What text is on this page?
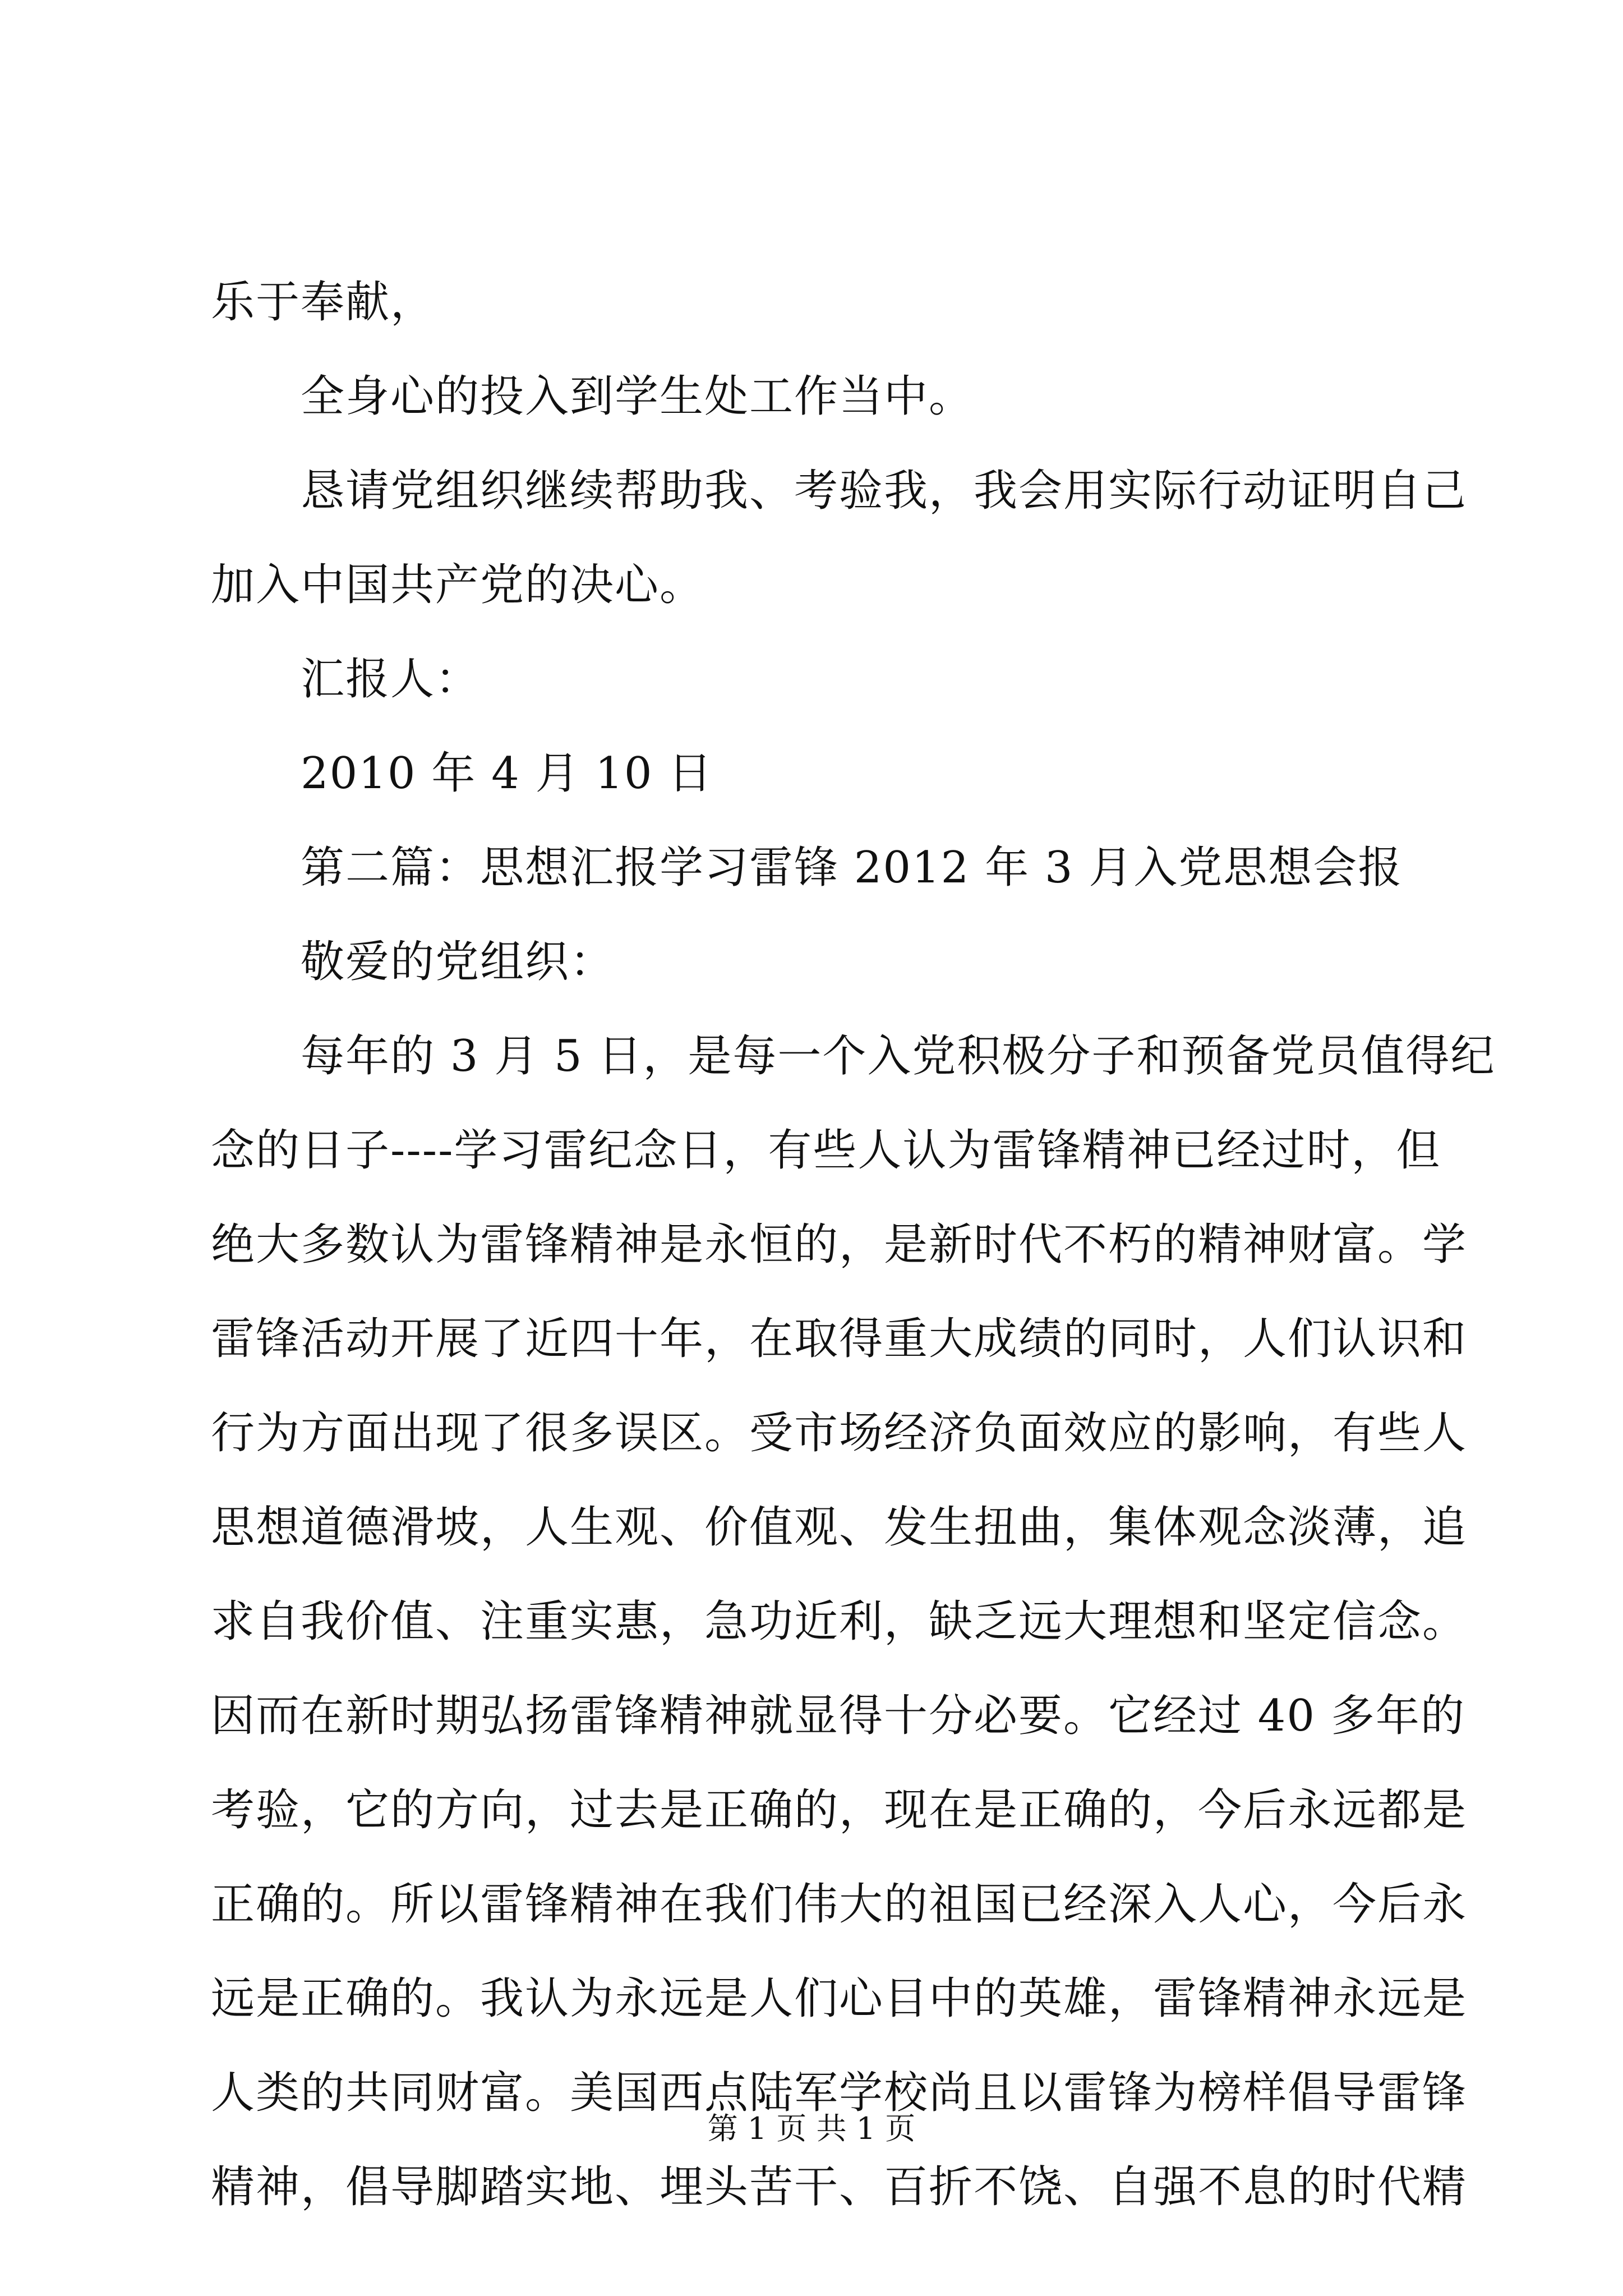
乐于奉献，
全身心的投入到学生处工作当中。
恳请党组织继续帮助我、考验我，我会用实际行动证明自己
加入中国共产党的决心。
汇报人：
2010 年 4 月 10 日
第二篇：思想汇报学习雷锋 2012 年 3 月入党思想会报
敬爱的党组织：
每年的 3 月 5 日，是每一个入党积极分子和预备党员值得纪
念的日子----学习雷纪念日，有些人认为雷锋精神已经过时，但
绝大多数认为雷锋精神是永恒的，是新时代不朽的精神财富。学
雷锋活动开展了近四十年，在取得重大成绩的同时，人们认识和
行为方面出现了很多误区。受市场经济负面效应的影响，有些人
思想道德滑坡，人生观、价值观、发生扭曲，集体观念淡薄，追
求自我价值、注重实惠，急功近利，缺乏远大理想和坚定信念。
因而在新时期弘扬雷锋精神就显得十分必要。它经过 40 多年的
考验，它的方向，过去是正确的，现在是正确的，今后永远都是
正确的。所以雷锋精神在我们伟大的祖国已经深入人心，今后永
远是正确的。我认为永远是人们心目中的英雄，雷锋精神永远是
人类的共同财富。美国西点陆军学校尚且以雷锋为榜样倡导雷锋
精神，倡导脚踏实地、埋头苦干、百折不饶、自强不息的时代精
第 1 页 共 1 页
